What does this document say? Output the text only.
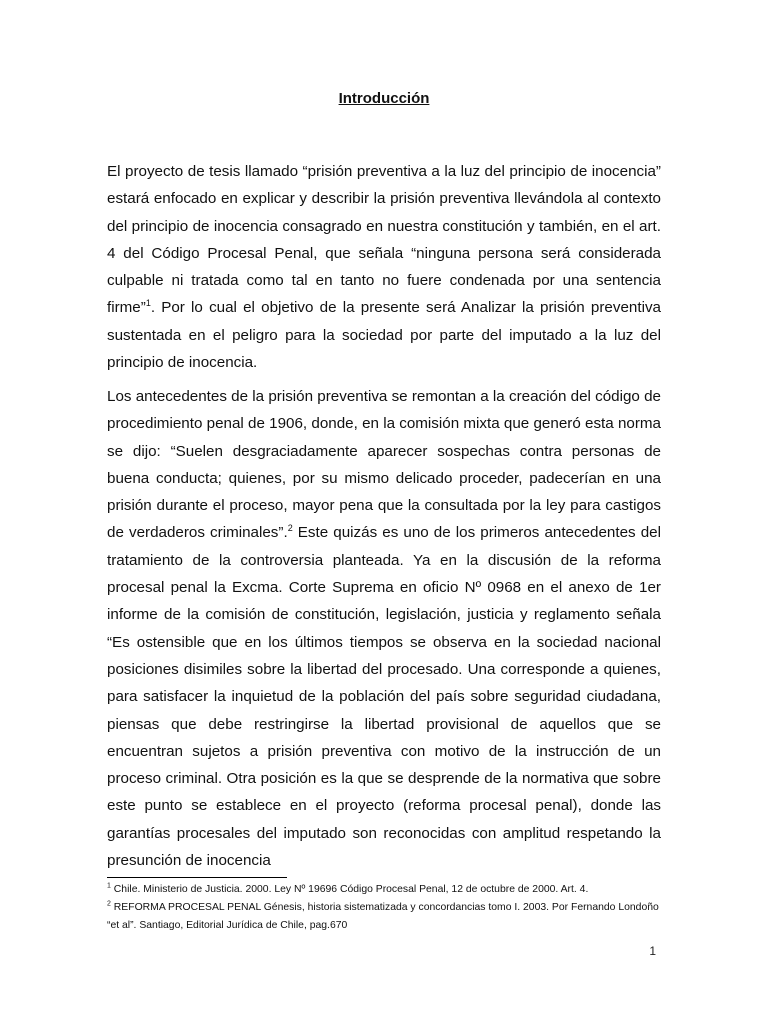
Introducción

El proyecto de tesis llamado “prisión preventiva a la luz del principio de inocencia” estará enfocado en explicar y describir la prisión preventiva llevándola al contexto del principio de inocencia consagrado en nuestra constitución y también, en el art. 4 del Código Procesal Penal, que señala “ninguna persona será considerada culpable ni tratada como tal en tanto no fuere condenada por una sentencia firme”$^1$. Por lo cual el objetivo de la presente será Analizar la prisión preventiva sustentada en el peligro para la sociedad por parte del imputado a la luz del principio de inocencia.

Los antecedentes de la prisión preventiva se remontan a la creación del código de procedimiento penal de 1906, donde, en la comisión mixta que generó esta norma se dijo: “Suelen desgraciadamente aparecer sospechas contra personas de buena conducta; quienes, por su mismo delicado proceder, padecerían en una prisión durante el proceso, mayor pena que la consultada por la ley para castigos de verdaderos criminales”.$^2$ Este quizás es uno de los primeros antecedentes del tratamiento de la controversia planteada. Ya en la discusión de la reforma procesal penal la Excma. Corte Suprema en oficio Nº 0968 en el anexo de 1er informe de la comisión de constitución, legislación, justicia y reglamento señala “Es ostensible que en los últimos tiempos se observa en la sociedad nacional posiciones disimiles sobre la libertad del procesado. Una corresponde a quienes, para satisfacer la inquietud de la población del país sobre seguridad ciudadana, piensas que debe restringirse la libertad provisional de aquellos que se encuentran sujetos a prisión preventiva con motivo de la instrucción de un proceso criminal. Otra posición es la que se desprende de la normativa que sobre este punto se establece en el proyecto (reforma procesal penal), donde las garantías procesales del imputado son reconocidas con amplitud respetando la presunción de inocencia

$^1$ Chile. Ministerio de Justicia. 2000. Ley Nº 19696 Código Procesal Penal, 12 de octubre de 2000. Art. 4.
$^2$ REFORMA PROCESAL PENAL Génesis, historia sistematizada y concordancias tomo I. 2003. Por Fernando Londoño “et al”. Santiago, Editorial Jurídica de Chile, pag.670
1
